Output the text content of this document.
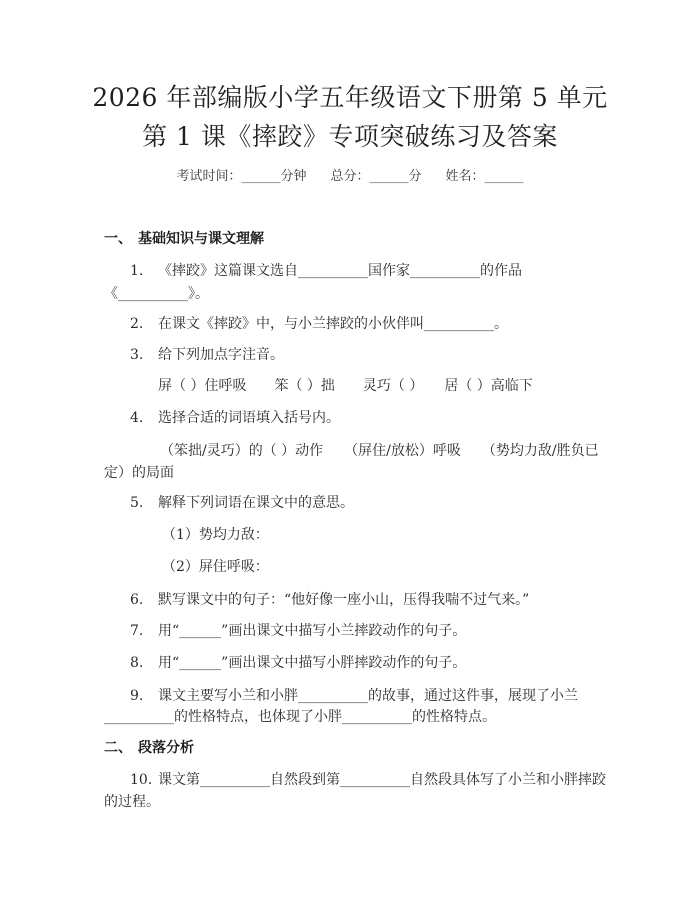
2026 年部编版小学五年级语文下册第 5 单元
第 1 课《摔跤》专项突破练习及答案
考试时间：______分钟 总分：______分 姓名：______
一、 基础知识与课文理解
1. 《摔跤》这篇课文选自__________国作家__________的作品
《__________》。
2. 在课文《摔跤》中，与小兰摔跤的小伙伴叫__________。
3. 给下列加点字注音。
屏（ ）住呼吸　　笨（ ）拙　　灵巧（ ）　　居（ ）高临下
4. 选择合适的词语填入括号内。
（笨拙/灵巧）的（ ）动作　　（屏住/放松）呼吸　　（势均力敌/胜负已
定）的局面
5. 解释下列词语在课文中的意思。
（1）势均力敌：
（2）屏住呼吸：
6. 默写课文中的句子：“他好像一座小山，压得我喘不过气来。”
7. 用“______”画出课文中描写小兰摔跤动作的句子。
8. 用“______”画出课文中描写小胖摔跤动作的句子。
9. 课文主要写小兰和小胖__________的故事，通过这件事，展现了小兰
__________的性格特点，也体现了小胖__________的性格特点。
二、 段落分析
10. 课文第__________自然段到第__________自然段具体写了小兰和小胖摔跤
的过程。
